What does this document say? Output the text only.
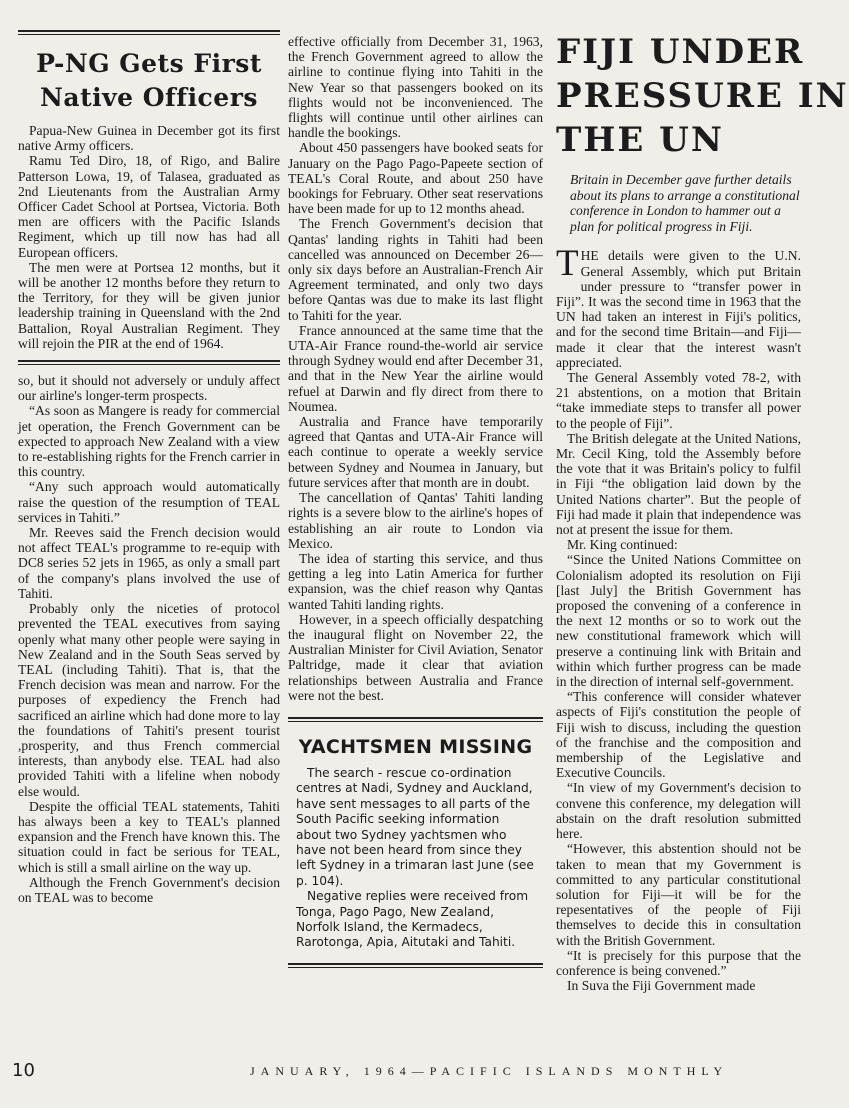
P-NG Gets First
Native Officers

Papua-New Guinea in December got its first native Army officers.

Ramu Ted Diro, 18, of Rigo, and Balire Patterson Lowa, 19, of Talasea, graduated as 2nd Lieutenants from the Australian Army Officer Cadet School at Portsea, Victoria. Both men are officers with the Pacific Islands Regiment, which up till now has had all European officers.

The men were at Portsea 12 months, but it will be another 12 months before they return to the Territory, for they will be given junior leadership training in Queensland with the 2nd Battalion, Royal Australian Regiment. They will rejoin the PIR at the end of 1964.

so, but it should not adversely or unduly affect our airline's longer-term prospects.

“As soon as Mangere is ready for commercial jet operation, the French Government can be expected to approach New Zealand with a view to re-establishing rights for the French carrier in this country.

“Any such approach would automatically raise the question of the resumption of TEAL services in Tahiti.”

Mr. Reeves said the French decision would not affect TEAL's programme to re-equip with DC8 series 52 jets in 1965, as only a small part of the company's plans involved the use of Tahiti.

Probably only the niceties of protocol prevented the TEAL executives from saying openly what many other people were saying in New Zealand and in the South Seas served by TEAL (including Tahiti). That is, that the French decision was mean and narrow. For the purposes of expediency the French had sacrificed an airline which had done more to lay the foundations of Tahiti's present tourist ,prosperity, and thus French commercial interests, than anybody else. TEAL had also provided Tahiti with a lifeline when nobody else would.

Despite the official TEAL statements, Tahiti has always been a key to TEAL's planned expansion and the French have known this. The situation could in fact be serious for TEAL, which is still a small airline on the way up.

Although the French Government's decision on TEAL was to become

effective officially from December 31, 1963, the French Government agreed to allow the airline to continue flying into Tahiti in the New Year so that passengers booked on its flights would not be inconvenienced. The flights will continue until other airlines can handle the bookings.

About 450 passengers have booked seats for January on the Pago Pago-Papeete section of TEAL's Coral Route, and about 250 have bookings for February. Other seat reservations have been made for up to 12 months ahead.

The French Government's decision that Qantas' landing rights in Tahiti had been cancelled was announced on December 26—only six days before an Australian-French Air Agreement terminated, and only two days before Qantas was due to make its last flight to Tahiti for the year.

France announced at the same time that the UTA-Air France round-the-world air service through Sydney would end after December 31, and that in the New Year the airline would refuel at Darwin and fly direct from there to Noumea.

Australia and France have temporarily agreed that Qantas and UTA-Air France will each continue to operate a weekly service between Sydney and Noumea in January, but future services after that month are in doubt.

The cancellation of Qantas' Tahiti landing rights is a severe blow to the airline's hopes of establishing an air route to London via Mexico.

The idea of starting this service, and thus getting a leg into Latin America for further expansion, was the chief reason why Qantas wanted Tahiti landing rights.

However, in a speech officially despatching the inaugural flight on November 22, the Australian Minister for Civil Aviation, Senator Paltridge, made it clear that aviation relationships between Australia and France were not the best.

YACHTSMEN MISSING

The search - rescue co-ordination centres at Nadi, Sydney and Auckland, have sent messages to all parts of the South Pacific seeking information about two Sydney yachtsmen who have not been heard from since they left Sydney in a trimaran last June (see p. 104).

Negative replies were received from Tonga, Pago Pago, New Zealand, Norfolk Island, the Kermadecs, Rarotonga, Apia, Aitutaki and Tahiti.

FIJI UNDER
PRESSURE IN
THE UN

Britain in December gave further details about its plans to arrange a constitutional conference in London to hammer out a plan for political progress in Fiji.

THE details were given to the U.N. General Assembly, which put Britain under pressure to “transfer power in Fiji”. It was the second time in 1963 that the UN had taken an interest in Fiji's politics, and for the second time Britain—and Fiji—made it clear that the interest wasn't appreciated.

The General Assembly voted 78-2, with 21 abstentions, on a motion that Britain “take immediate steps to transfer all power to the people of Fiji”.

The British delegate at the United Nations, Mr. Cecil King, told the Assembly before the vote that it was Britain's policy to fulfil in Fiji “the obligation laid down by the United Nations charter”. But the people of Fiji had made it plain that independence was not at present the issue for them.

Mr. King continued:

“Since the United Nations Committee on Colonialism adopted its resolution on Fiji [last July] the British Government has proposed the convening of a conference in the next 12 months or so to work out the new constitutional framework which will preserve a continuing link with Britain and within which further progress can be made in the direction of internal self-government.

“This conference will consider whatever aspects of Fiji's constitution the people of Fiji wish to discuss, including the question of the franchise and the composition and membership of the Legislative and Executive Councils.

“In view of my Government's decision to convene this conference, my delegation will abstain on the draft resolution submitted here.

“However, this abstention should not be taken to mean that my Government is committed to any particular constitutional solution for Fiji—it will be for the repesentatives of the people of Fiji themselves to decide this in consultation with the British Government.

“It is precisely for this purpose that the conference is being convened.”

In Suva the Fiji Government made

10	JANUARY, 1964—PACIFIC ISLANDS MONTHLY
